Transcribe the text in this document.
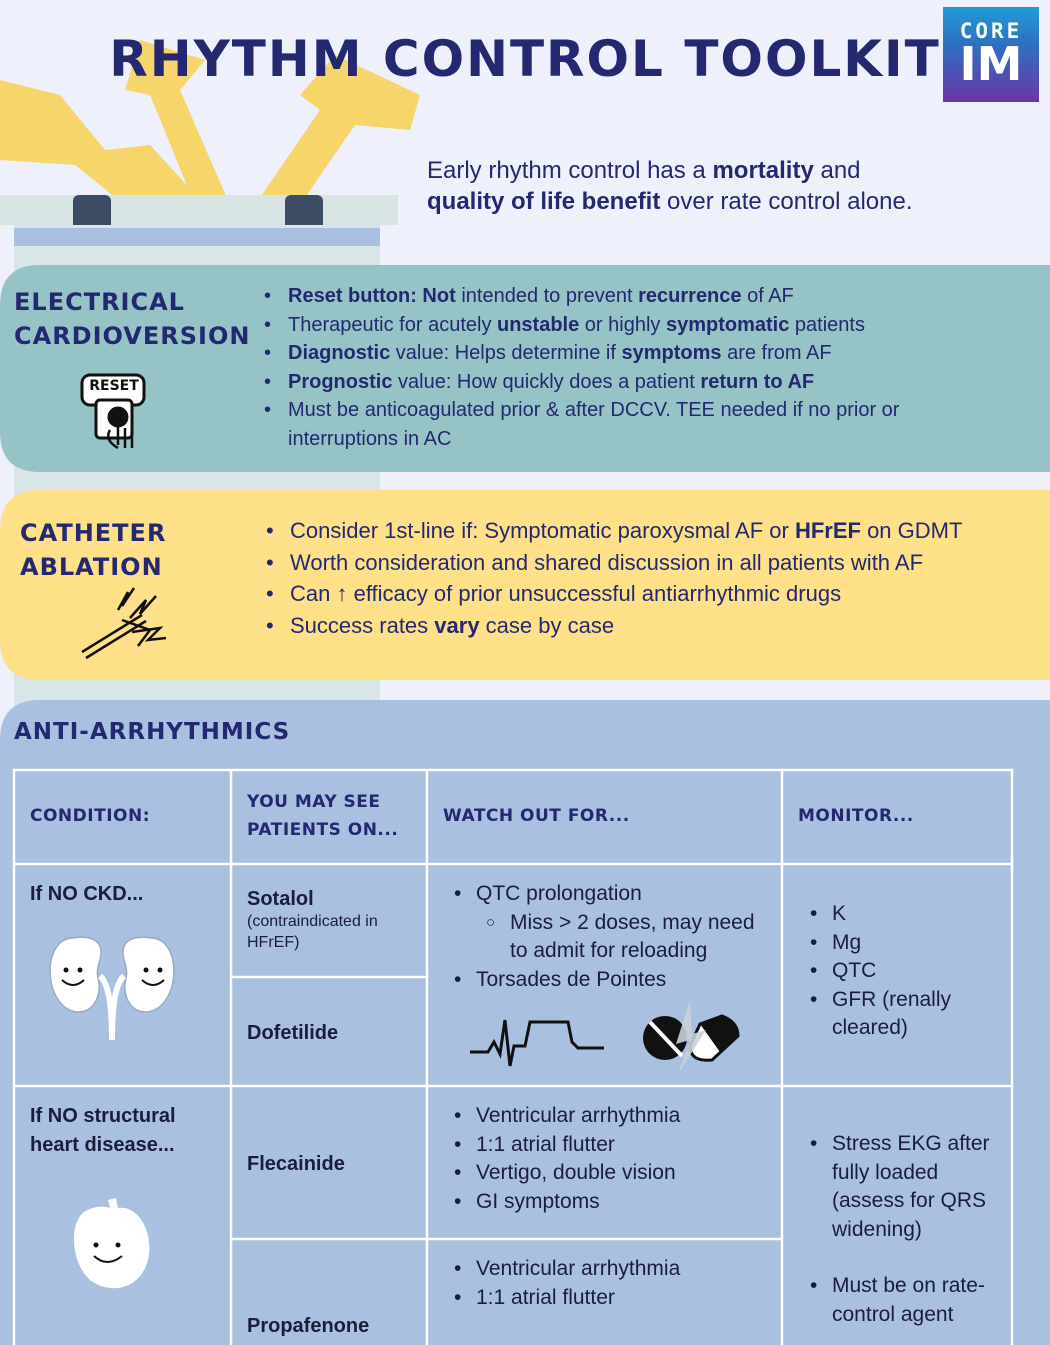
RHYTHM CONTROL TOOLKIT CORE
IM
Early rhythm control has a mortality and
quality of life benefit over rate control alone.
ELECTRICAL
CARDIOVERSION
RESET
• Reset button: Not intended to prevent recurrence of AF
• Therapeutic for acutely unstable or highly symptomatic patients
• Diagnostic value: Helps determine if symptoms are from AF
• Prognostic value: How quickly does a patient return to AF
• Must be anticoagulated prior & after DCCV. TEE needed if no prior or interruptions in AC
CATHETER
ABLATION
• Consider 1st-line if: Symptomatic paroxysmal AF or HFrEF on GDMT
• Worth consideration and shared discussion in all patients with AF
• Can ↑ efficacy of prior unsuccessful antiarrhythmic drugs
• Success rates vary case by case
ANTI-ARRHYTHMICS
CONDITION:
YOU MAY SEE
PATIENTS ON...
WATCH OUT FOR...	MONITOR...
If NO CKD...	Sotalol
(contraindicated in HFrEF)
Dofetilide
• QTC prolongation
○ Miss > 2 doses, may need to admit for reloading
• Torsades de Pointes
• K
• Mg
• QTC
• GFR (renally cleared)
If NO structural heart disease...
Flecainide
Propafenone
• Ventricular arrhythmia
• 1:1 atrial flutter
• Vertigo, double vision
• GI symptoms
• Ventricular arrhythmia
• 1:1 atrial flutter
• Stress EKG after fully loaded (assess for QRS widening)
• Must be on rate-control agent
